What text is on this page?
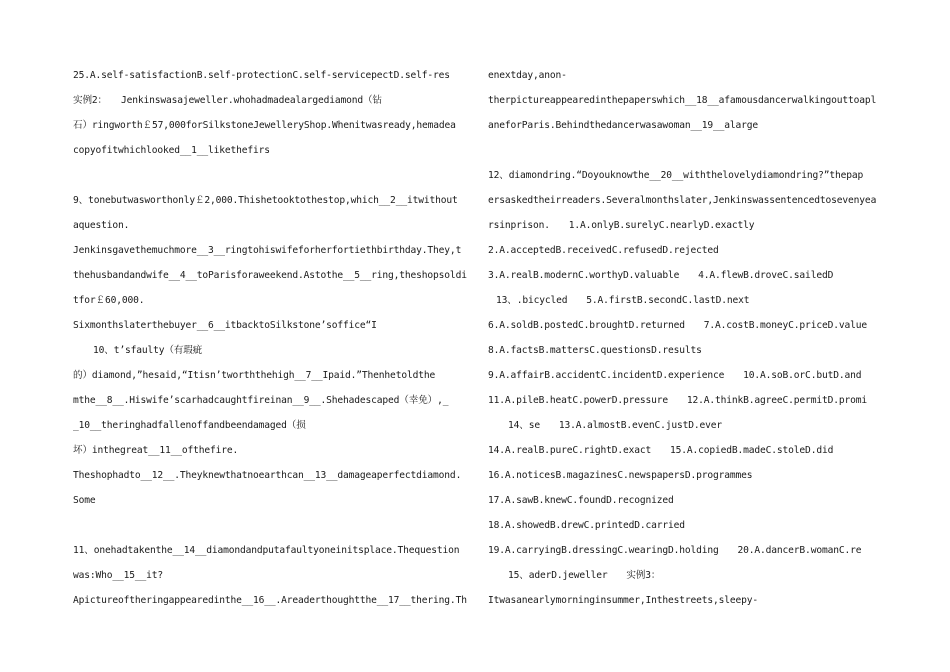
25.A.self-satisfactionB.self-protectionC.self-servicepectD.self-res
实例2：　　Jenkinswasajeweller.whohadmadealargediamond（钻
石）ringworth￡57,000forSilkstoneJewelleryShop.Whenitwasready,hemadea
copyofitwhichlooked__1__likethefirs
9、tonebutwasworthonly￡2,000.Thishetooktothestop,which__2__itwithout
aquestion.
Jenkinsgavethemuchmore__3__ringtohiswifeforherfortiethbirthday.They,t
thehusbandandwife__4__toParisforaweekend.Astothe__5__ring,theshopsoldi
tfor￡60,000.
Sixmonthslaterthebuyer__6__itbacktoSilkstone’soffice“I
10、t’sfaulty（有瑕疵
的）diamond,”hesaid,“Itisn’tworththehigh__7__Ipaid.”Thenhetoldthe
mthe__8__.Hiswife’scarhadcaughtfireinan__9__.Shehadescaped（幸免）,_
_10__theringhadfallenoffandbeendamaged（损
坏）inthegreat__11__ofthefire.
Theshophadto__12__.Theyknewthatnoearthcan__13__damageaperfectdiamond.
Some
11、onehadtakenthe__14__diamondandputafaultyoneinitsplace.Thequestion
was:Who__15__it?
Apictureoftheringappearedinthe__16__.Areaderthoughtthe__17__thering.Th
enextday,anon-
therpictureappearedinthepaperswhich__18__afamousdancerwalkingouttoapl
aneforParis.Behindthedancerwasawoman__19__alarge
12、diamondring.“Doyouknowthe__20__withthelovelydiamondring?”thepap
ersaskedtheirreaders.Severalmonthslater,Jenkinswassentencedtosevenyea
rsinprison.　　1.A.onlyB.surelyC.nearlyD.exactly
2.A.acceptedB.receivedC.refusedD.rejected
3.A.realB.modernC.worthyD.valuable　　4.A.flewB.droveC.sailedD
13、.bicycled　　5.A.firstB.secondC.lastD.next
6.A.soldB.postedC.broughtD.returned　　7.A.costB.moneyC.priceD.value
8.A.factsB.mattersC.questionsD.results
9.A.affairB.accidentC.incidentD.experience　　10.A.soB.orC.butD.and
11.A.pileB.heatC.powerD.pressure　　12.A.thinkB.agreeC.permitD.promi
14、se　　13.A.almostB.evenC.justD.ever
14.A.realB.pureC.rightD.exact　　15.A.copiedB.madeC.stoleD.did
16.A.noticesB.magazinesC.newspapersD.programmes
17.A.sawB.knewC.foundD.recognized
18.A.showedB.drewC.printedD.carried
19.A.carryingB.dressingC.wearingD.holding　　20.A.dancerB.womanC.re
15、aderD.jeweller　　实例3：
Itwasanearlymorninginsummer,Inthestreets,sleepy-
